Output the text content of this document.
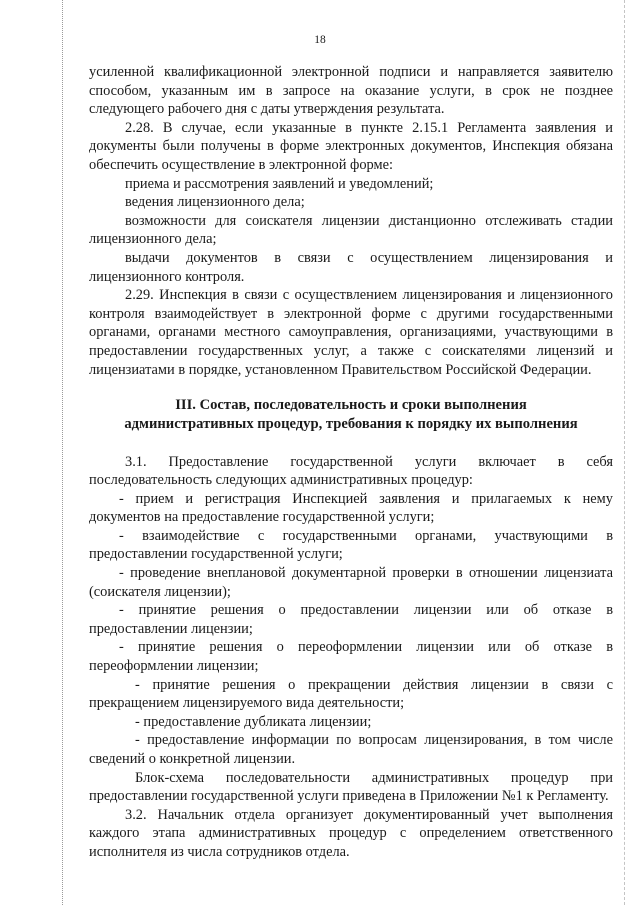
18

усиленной квалификационной электронной подписи и направляется заявителю способом, указанным им в запросе на оказание услуги, в срок не позднее следующего рабочего дня с даты утверждения результата.

2.28. В случае, если указанные в пункте 2.15.1 Регламента заявления и документы были получены в форме электронных документов, Инспекция обязана обеспечить осуществление в электронной форме:

приема и рассмотрения заявлений и уведомлений;

ведения лицензионного дела;

возможности для соискателя лицензии дистанционно отслеживать стадии лицензионного дела;

выдачи документов в связи с осуществлением лицензирования и лицензионного контроля.

2.29. Инспекция в связи с осуществлением лицензирования и лицензионного контроля взаимодействует в электронной форме с другими государственными органами, органами местного самоуправления, организациями, участвующими в предоставлении государственных услуг, а также с соискателями лицензий и лицензиатами в порядке, установленном Правительством Российской Федерации.

III. Состав, последовательность и сроки выполнения
административных процедур, требования к порядку их выполнения

3.1. Предоставление государственной услуги включает в себя последовательность следующих административных процедур:

- прием и регистрация Инспекцией заявления и прилагаемых к нему документов на предоставление государственной услуги;

- взаимодействие с государственными органами, участвующими в предоставлении государственной услуги;

- проведение внеплановой документарной проверки в отношении лицензиата (соискателя лицензии);

- принятие решения о предоставлении лицензии или об отказе в предоставлении лицензии;

- принятие решения о переоформлении лицензии или об отказе в переоформлении лицензии;

- принятие решения о прекращении действия лицензии в связи с прекращением лицензируемого вида деятельности;

- предоставление дубликата лицензии;

- предоставление информации по вопросам лицензирования, в том числе сведений о конкретной лицензии.

Блок-схема последовательности административных процедур при предоставлении государственной услуги приведена в Приложении №1 к Регламенту.

3.2. Начальник отдела организует документированный учет выполнения каждого этапа административных процедур с определением ответственного исполнителя из числа сотрудников отдела.
